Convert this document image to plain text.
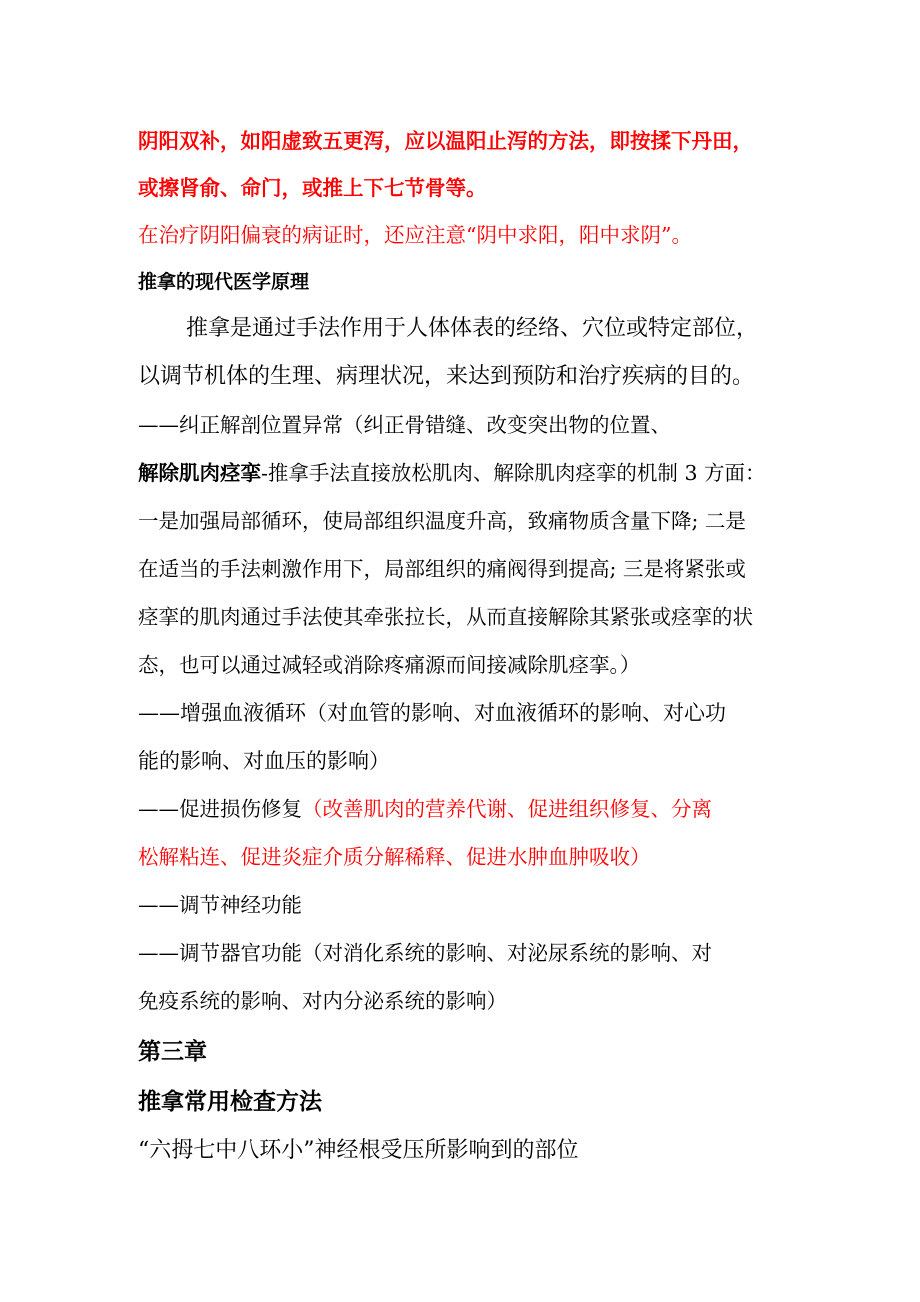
阴阳双补，如阳虚致五更泻，应以温阳止泻的方法，即按揉下丹田，

或擦肾俞、命门，或推上下七节骨等。

在治疗阴阳偏衰的病证时，还应注意“阴中求阳，阳中求阴”。

推拿的现代医学原理

推拿是通过手法作用于人体体表的经络、穴位或特定部位，

以调节机体的生理、病理状况，来达到预防和治疗疾病的目的。

——纠正解剖位置异常（纠正骨错缝、改变突出物的位置、

解除肌肉痉挛-推拿手法直接放松肌肉、解除肌肉痉挛的机制 3 方面：

一是加强局部循环，使局部组织温度升高，致痛物质含量下降; 二是

在适当的手法刺激作用下，局部组织的痛阀得到提高; 三是将紧张或

痉挛的肌肉通过手法使其牵张拉长，从而直接解除其紧张或痉挛的状

态，也可以通过减轻或消除疼痛源而间接减除肌痉挛。）

——增强血液循环（对血管的影响、对血液循环的影响、对心功

能的影响、对血压的影响）

——促进损伤修复（改善肌肉的营养代谢、促进组织修复、分离

松解粘连、促进炎症介质分解稀释、促进水肿血肿吸收）

——调节神经功能

——调节器官功能（对消化系统的影响、对泌尿系统的影响、对

免疫系统的影响、对内分泌系统的影响）

第三章

推拿常用检查方法

“六拇七中八环小”神经根受压所影响到的部位
